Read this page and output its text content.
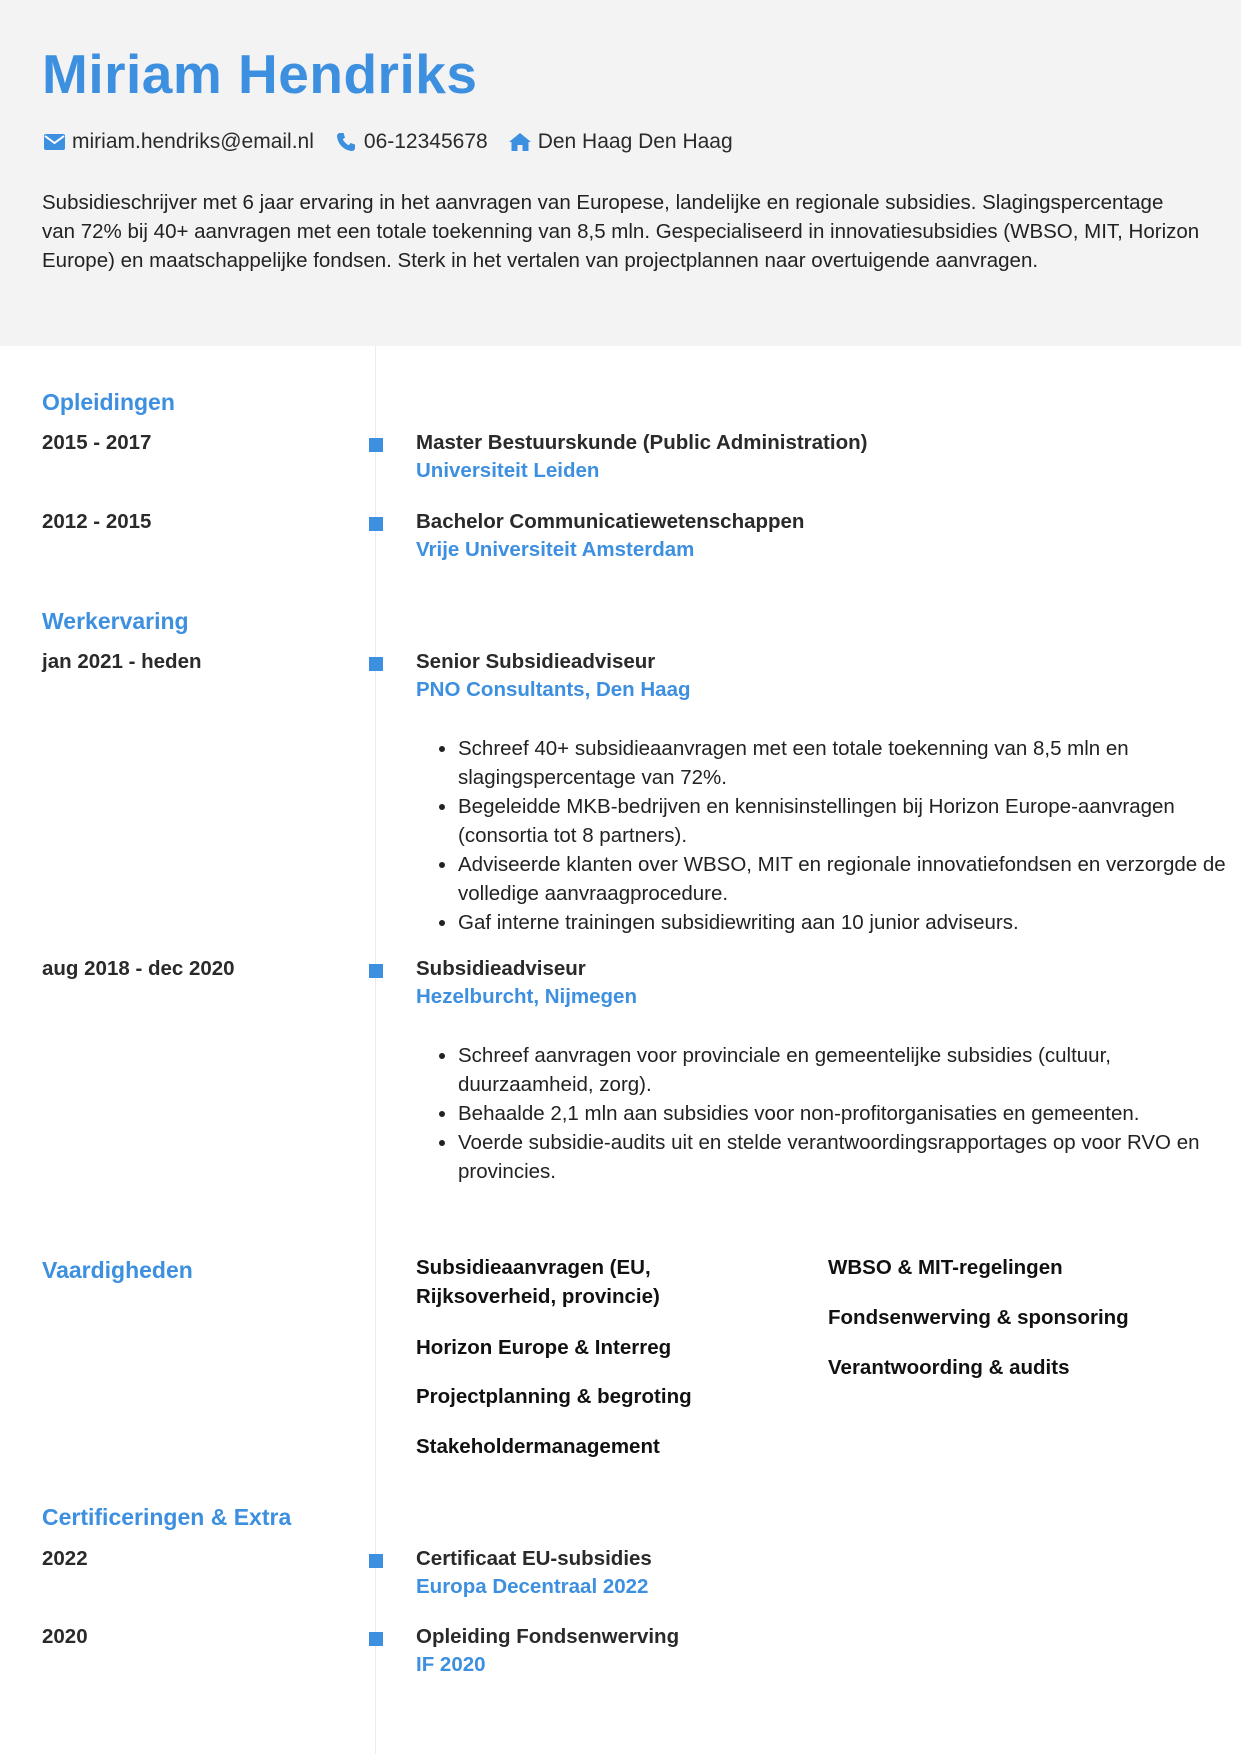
Miriam Hendriks
miriam.hendriks@email.nl 06-12345678 Den Haag Den Haag

Subsidieschrijver met 6 jaar ervaring in het aanvragen van Europese, landelijke en regionale subsidies. Slagingspercentage van 72% bij 40+ aanvragen met een totale toekenning van 8,5 mln. Gespecialiseerd in innovatiesubsidies (WBSO, MIT, Horizon Europe) en maatschappelijke fondsen. Sterk in het vertalen van projectplannen naar overtuigende aanvragen.

Opleidingen
2015 - 2017	Master Bestuurskunde (Public Administration)
Universiteit Leiden
2012 - 2015	Bachelor Communicatiewetenschappen
Vrije Universiteit Amsterdam
Werkervaring
jan 2021 - heden	Senior Subsidieadviseur
PNO Consultants, Den Haag
• Schreef 40+ subsidieaanvragen met een totale toekenning van 8,5 mln en slagingspercentage van 72%.
• Begeleidde MKB-bedrijven en kennisinstellingen bij Horizon Europe-aanvragen (consortia tot 8 partners).
• Adviseerde klanten over WBSO, MIT en regionale innovatiefondsen en verzorgde de volledige aanvraagprocedure.
• Gaf interne trainingen subsidiewriting aan 10 junior adviseurs.
aug 2018 - dec 2020	Subsidieadviseur
Hezelburcht, Nijmegen
• Schreef aanvragen voor provinciale en gemeentelijke subsidies (cultuur, duurzaamheid, zorg).
• Behaalde 2,1 mln aan subsidies voor non-profitorganisaties en gemeenten.
• Voerde subsidie-audits uit en stelde verantwoordingsrapportages op voor RVO en provincies.
Vaardigheden	Subsidieaanvragen (EU, Rijksoverheid, provincie)
Horizon Europe & Interreg
Projectplanning & begroting
Stakeholdermanagement
WBSO & MIT-regelingen
Fondsenwerving & sponsoring
Verantwoording & audits
Certificeringen & Extra
2022	Certificaat EU-subsidies
Europa Decentraal 2022
2020	Opleiding Fondsenwerving
IF 2020
